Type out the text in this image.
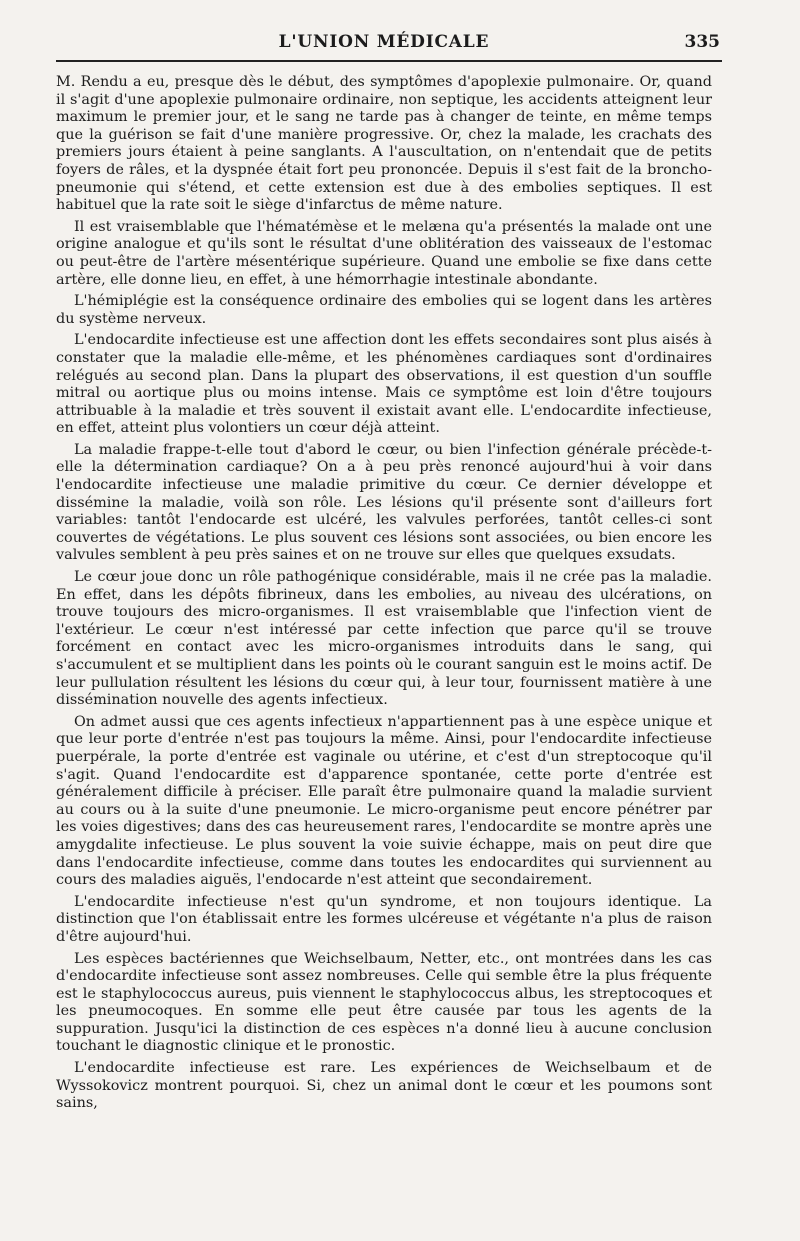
L'UNION MÉDICALE	335

M. Rendu a eu, presque dès le début, des symptômes d'apoplexie pulmonaire. Or, quand il s'agit d'une apoplexie pulmonaire ordinaire, non septique, les accidents atteignent leur maximum le premier jour, et le sang ne tarde pas à changer de teinte, en même temps que la guérison se fait d'une manière progressive. Or, chez la malade, les crachats des premiers jours étaient à peine sanglants. A l'auscultation, on n'entendait que de petits foyers de râles, et la dyspnée était fort peu prononcée. Depuis il s'est fait de la broncho-pneumonie qui s'étend, et cette extension est due à des embolies septiques. Il est habituel que la rate soit le siège d'infarctus de même nature.

Il est vraisemblable que l'hématémèse et le melæna qu'a présentés la malade ont une origine analogue et qu'ils sont le résultat d'une oblitération des vaisseaux de l'estomac ou peut-être de l'artère mésentérique supérieure. Quand une embolie se fixe dans cette artère, elle donne lieu, en effet, à une hémorrhagie intestinale abondante.

L'hémiplégie est la conséquence ordinaire des embolies qui se logent dans les artères du système nerveux.

L'endocardite infectieuse est une affection dont les effets secondaires sont plus aisés à constater que la maladie elle-même, et les phénomènes cardiaques sont d'ordinaires relégués au second plan. Dans la plupart des observations, il est question d'un souffle mitral ou aortique plus ou moins intense. Mais ce symptôme est loin d'être toujours attribuable à la maladie et très souvent il existait avant elle. L'endocardite infectieuse, en effet, atteint plus volontiers un cœur déjà atteint.

La maladie frappe-t-elle tout d'abord le cœur, ou bien l'infection générale précède-t-elle la détermination cardiaque? On a à peu près renoncé aujourd'hui à voir dans l'endocardite infectieuse une maladie primitive du cœur. Ce dernier développe et dissémine la maladie, voilà son rôle. Les lésions qu'il présente sont d'ailleurs fort variables: tantôt l'endocarde est ulcéré, les valvules perforées, tantôt celles-ci sont couvertes de végétations. Le plus souvent ces lésions sont associées, ou bien encore les valvules semblent à peu près saines et on ne trouve sur elles que quelques exsudats.

Le cœur joue donc un rôle pathogénique considérable, mais il ne crée pas la maladie. En effet, dans les dépôts fibrineux, dans les embolies, au niveau des ulcérations, on trouve toujours des micro-organismes. Il est vraisemblable que l'infection vient de l'extérieur. Le cœur n'est intéressé par cette infection que parce qu'il se trouve forcément en contact avec les micro-organismes introduits dans le sang, qui s'accumulent et se multiplient dans les points où le courant sanguin est le moins actif. De leur pullulation résultent les lésions du cœur qui, à leur tour, fournissent matière à une dissémination nouvelle des agents infectieux.

On admet aussi que ces agents infectieux n'appartiennent pas à une espèce unique et que leur porte d'entrée n'est pas toujours la même. Ainsi, pour l'endocardite infectieuse puerpérale, la porte d'entrée est vaginale ou utérine, et c'est d'un streptocoque qu'il s'agit. Quand l'endocardite est d'apparence spontanée, cette porte d'entrée est généralement difficile à préciser. Elle paraît être pulmonaire quand la maladie survient au cours ou à la suite d'une pneumonie. Le micro-organisme peut encore pénétrer par les voies digestives; dans des cas heureusement rares, l'endocardite se montre après une amygdalite infectieuse. Le plus souvent la voie suivie échappe, mais on peut dire que dans l'endocardite infectieuse, comme dans toutes les endocardites qui surviennent au cours des maladies aiguës, l'endocarde n'est atteint que secondairement.

L'endocardite infectieuse n'est qu'un syndrome, et non toujours identique. La distinction que l'on établissait entre les formes ulcéreuse et végétante n'a plus de raison d'être aujourd'hui.

Les espèces bactériennes que Weichselbaum, Netter, etc., ont montrées dans les cas d'endocardite infectieuse sont assez nombreuses. Celle qui semble être la plus fréquente est le staphylococcus aureus, puis viennent le staphylococcus albus, les streptocoques et les pneumocoques. En somme elle peut être causée par tous les agents de la suppuration. Jusqu'ici la distinction de ces espèces n'a donné lieu à aucune conclusion touchant le diagnostic clinique et le pronostic.

L'endocardite infectieuse est rare. Les expériences de Weichselbaum et de Wyssokovicz montrent pourquoi. Si, chez un animal dont le cœur et les poumons sont sains,
